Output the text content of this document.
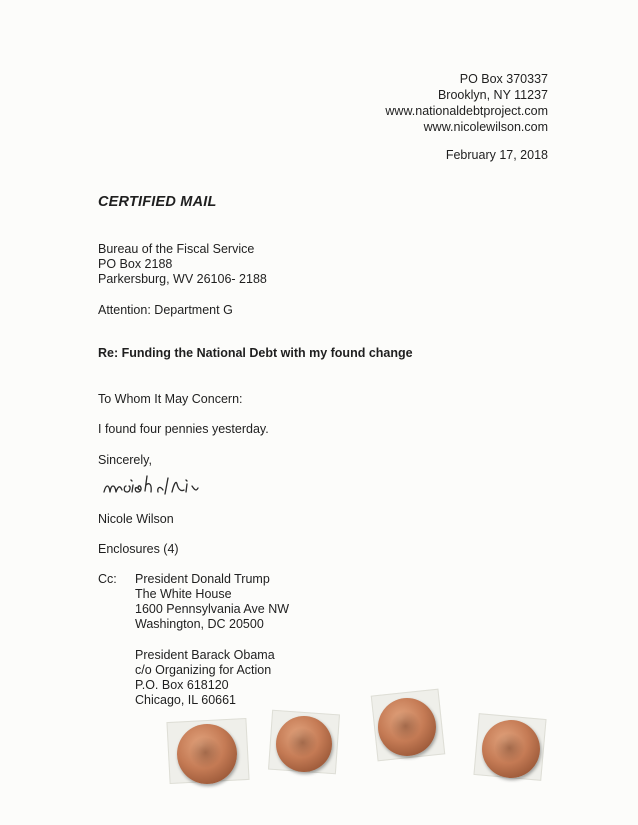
PO Box 370337
Brooklyn, NY 11237
www.nationaldebtproject.com
www.nicolewilson.com
February 17, 2018
CERTIFIED MAIL
Bureau of the Fiscal Service
PO Box 2188
Parkersburg, WV 26106- 2188
Attention: Department G
Re: Funding the National Debt with my found change
To Whom It May Concern:
I found four pennies yesterday.
Sincerely,
Nicole Wilson
Enclosures (4)
Cc: President Donald Trump
The White House
1600 Pennsylvania Ave NW
Washington, DC 20500
President Barack Obama
c/o Organizing for Action
P.O. Box 618120
Chicago, IL 60661
